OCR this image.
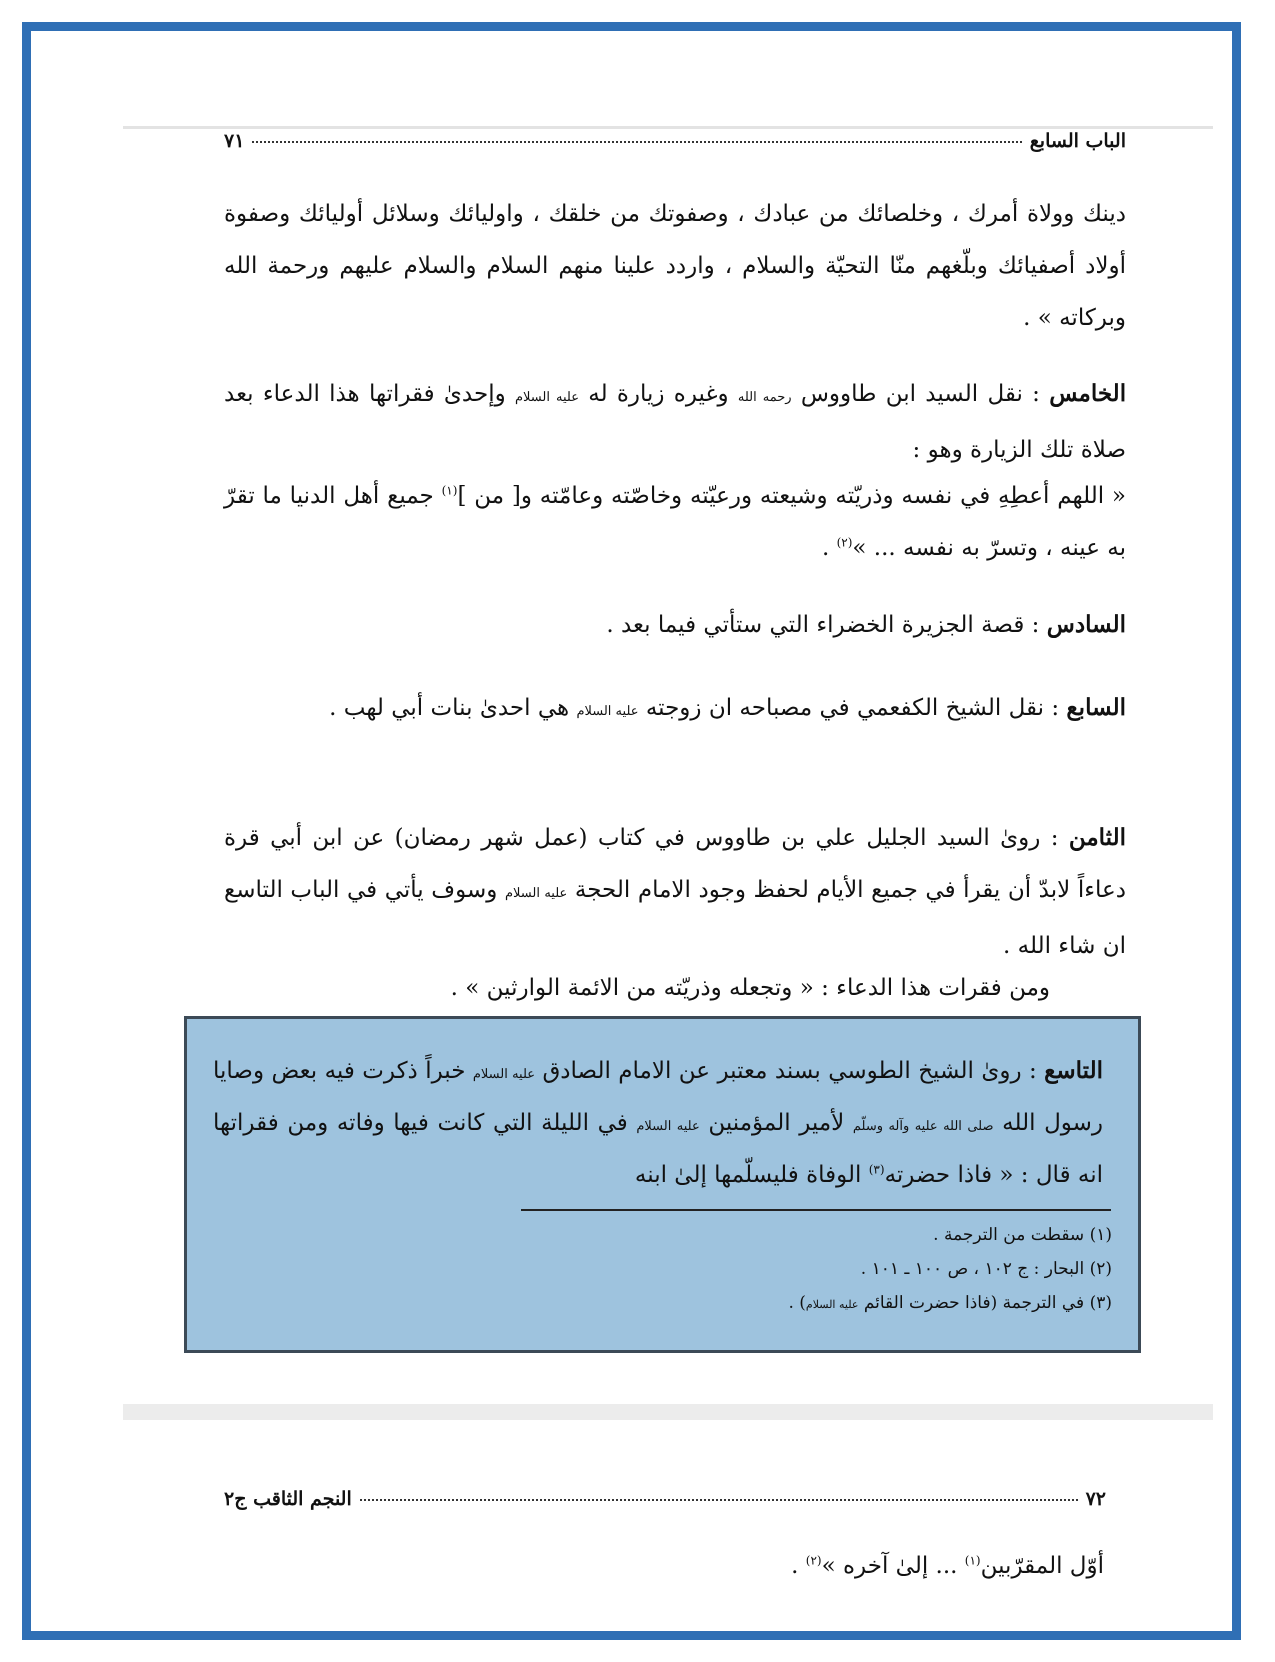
الباب السابع
٧١
دينك وولاة أمرك ، وخلصائك من عبادك ، وصفوتك من خلقك ، واوليائك وسلائل أوليائك وصفوة أولاد أصفيائك وبلّغهم منّا التحيّة والسلام ، واردد علينا منهم السلام والسلام عليهم ورحمة الله وبركاته » .
الخامس : نقل السيد ابن طاووس رحمه الله وغيره زيارة له عليه السلام وإحدىٰ فقراتها هذا الدعاء بعد صلاة تلك الزيارة وهو :
« اللهم أعطِهِ في نفسه وذريّته وشيعته ورعيّته وخاصّته وعامّته و[ من ]$^{(١)}$ جميع أهل الدنيا ما تقرّ به عينه ، وتسرّ به نفسه ... »$^{(٢)}$ .
السادس : قصة الجزيرة الخضراء التي ستأتي فيما بعد .
السابع : نقل الشيخ الكفعمي في مصباحه ان زوجته عليه السلام هي احدىٰ بنات أبي لهب .
الثامن : روىٰ السيد الجليل علي بن طاووس في كتاب (عمل شهر رمضان) عن ابن أبي قرة دعاءاً لابدّ أن يقرأ في جميع الأيام لحفظ وجود الامام الحجة عليه السلام وسوف يأتي في الباب التاسع ان شاء الله .
ومن فقرات هذا الدعاء : « وتجعله وذريّته من الائمة الوارثين » .
التاسع : روىٰ الشيخ الطوسي بسند معتبر عن الامام الصادق عليه السلام خبراً ذكرت فيه بعض وصايا رسول الله صلى الله عليه وآله وسلّم لأمير المؤمنين عليه السلام في الليلة التي كانت فيها وفاته ومن فقراتها انه قال : « فاذا حضرته$^{(٣)}$ الوفاة فليسلّمها إلىٰ ابنه
(١) سقطت من الترجمة .
(٢) البحار : ج ١٠٢ ، ص ١٠٠ ـ ١٠١ .
(٣) في الترجمة (فاذا حضرت القائم عليه السلام) .
النجم الثاقب ج٢	٧٢
أوّل المقرّبين$^{(١)}$ ... إلىٰ آخره »$^{(٢)}$ .
